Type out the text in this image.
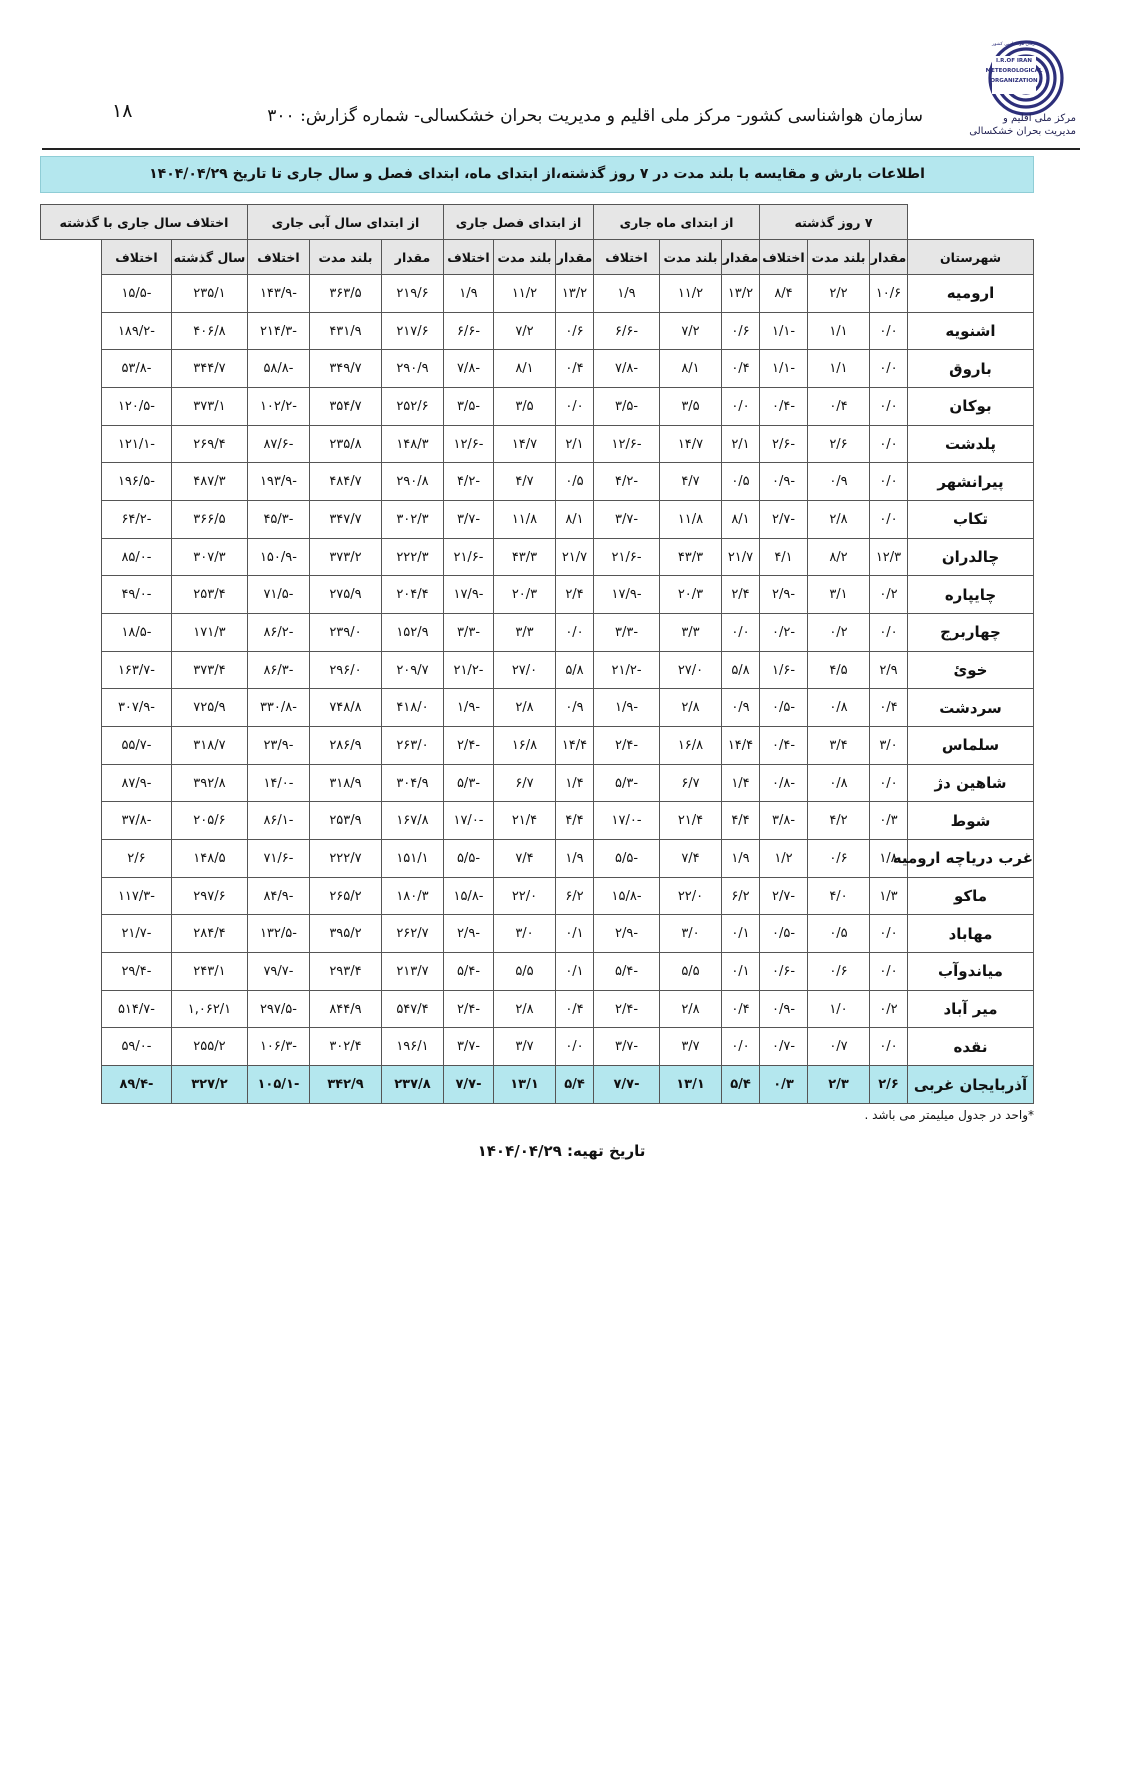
۱۸	سازمان هواشناسی کشور- مرکز ملی اقلیم و مدیریت بحران خشکسالی- شماره گزارش: ۳۰۰
سازمان هواشناسی کشور
I.R.OF IRAN
METEOROLOGICAL
ORGANIZATION
مرکز ملی اقلیم و
مدیریت بحران خشکسالی
اطلاعات بارش و مقایسه با بلند مدت در ۷ روز گذشته،از ابتدای ماه، ابتدای فصل و سال جاری تا تاریخ ۱۴۰۴/۰۴/۲۹
	۷ روز گذشته			از ابتدای ماه جاری			از ابتدای فصل جاری			از ابتدای سال آبی جاری			اختلاف سال جاری با گذشته	
شهرستان	مقدار	بلند مدت	اختلاف	مقدار	بلند مدت	اختلاف	مقدار	بلند مدت	اختلاف	مقدار	بلند مدت	اختلاف	سال گذشته	اختلاف
ارومیه	۱۰/۶	۲/۲	۸/۴	۱۳/۲	۱۱/۲	۱/۹	۱۳/۲	۱۱/۲	۱/۹	۲۱۹/۶	۳۶۳/۵	-۱۴۳/۹	۲۳۵/۱	-۱۵/۵
اشنویه	۰/۰	۱/۱	-۱/۱	۰/۶	۷/۲	-۶/۶	۰/۶	۷/۲	-۶/۶	۲۱۷/۶	۴۳۱/۹	-۲۱۴/۳	۴۰۶/۸	-۱۸۹/۲
باروق	۰/۰	۱/۱	-۱/۱	۰/۴	۸/۱	-۷/۸	۰/۴	۸/۱	-۷/۸	۲۹۰/۹	۳۴۹/۷	-۵۸/۸	۳۴۴/۷	-۵۳/۸
بوکان	۰/۰	۰/۴	-۰/۴	۰/۰	۳/۵	-۳/۵	۰/۰	۳/۵	-۳/۵	۲۵۲/۶	۳۵۴/۷	-۱۰۲/۲	۳۷۳/۱	-۱۲۰/۵
پلدشت	۰/۰	۲/۶	-۲/۶	۲/۱	۱۴/۷	-۱۲/۶	۲/۱	۱۴/۷	-۱۲/۶	۱۴۸/۳	۲۳۵/۸	-۸۷/۶	۲۶۹/۴	-۱۲۱/۱
پیرانشهر	۰/۰	۰/۹	-۰/۹	۰/۵	۴/۷	-۴/۲	۰/۵	۴/۷	-۴/۲	۲۹۰/۸	۴۸۴/۷	-۱۹۳/۹	۴۸۷/۳	-۱۹۶/۵
تکاب	۰/۰	۲/۸	-۲/۷	۸/۱	۱۱/۸	-۳/۷	۸/۱	۱۱/۸	-۳/۷	۳۰۲/۳	۳۴۷/۷	-۴۵/۳	۳۶۶/۵	-۶۴/۲
چالدران	۱۲/۳	۸/۲	۴/۱	۲۱/۷	۴۳/۳	-۲۱/۶	۲۱/۷	۴۳/۳	-۲۱/۶	۲۲۲/۳	۳۷۳/۲	-۱۵۰/۹	۳۰۷/۳	-۸۵/۰
چایپاره	۰/۲	۳/۱	-۲/۹	۲/۴	۲۰/۳	-۱۷/۹	۲/۴	۲۰/۳	-۱۷/۹	۲۰۴/۴	۲۷۵/۹	-۷۱/۵	۲۵۳/۴	-۴۹/۰
چهاربرج	۰/۰	۰/۲	-۰/۲	۰/۰	۳/۳	-۳/۳	۰/۰	۳/۳	-۳/۳	۱۵۲/۹	۲۳۹/۰	-۸۶/۲	۱۷۱/۳	-۱۸/۵
خوئ	۲/۹	۴/۵	-۱/۶	۵/۸	۲۷/۰	-۲۱/۲	۵/۸	۲۷/۰	-۲۱/۲	۲۰۹/۷	۲۹۶/۰	-۸۶/۳	۳۷۳/۴	-۱۶۳/۷
سردشت	۰/۴	۰/۸	-۰/۵	۰/۹	۲/۸	-۱/۹	۰/۹	۲/۸	-۱/۹	۴۱۸/۰	۷۴۸/۸	-۳۳۰/۸	۷۲۵/۹	-۳۰۷/۹
سلماس	۳/۰	۳/۴	-۰/۴	۱۴/۴	۱۶/۸	-۲/۴	۱۴/۴	۱۶/۸	-۲/۴	۲۶۳/۰	۲۸۶/۹	-۲۳/۹	۳۱۸/۷	-۵۵/۷
شاهین دژ	۰/۰	۰/۸	-۰/۸	۱/۴	۶/۷	-۵/۳	۱/۴	۶/۷	-۵/۳	۳۰۴/۹	۳۱۸/۹	-۱۴/۰	۳۹۲/۸	-۸۷/۹
شوط	۰/۳	۴/۲	-۳/۸	۴/۴	۲۱/۴	-۱۷/۰	۴/۴	۲۱/۴	-۱۷/۰	۱۶۷/۸	۲۵۳/۹	-۸۶/۱	۲۰۵/۶	-۳۷/۸
غرب دریاچه ارومیه	۱/۸	۰/۶	۱/۲	۱/۹	۷/۴	-۵/۵	۱/۹	۷/۴	-۵/۵	۱۵۱/۱	۲۲۲/۷	-۷۱/۶	۱۴۸/۵	۲/۶
ماکو	۱/۳	۴/۰	-۲/۷	۶/۲	۲۲/۰	-۱۵/۸	۶/۲	۲۲/۰	-۱۵/۸	۱۸۰/۳	۲۶۵/۲	-۸۴/۹	۲۹۷/۶	-۱۱۷/۳
مهاباد	۰/۰	۰/۵	-۰/۵	۰/۱	۳/۰	-۲/۹	۰/۱	۳/۰	-۲/۹	۲۶۲/۷	۳۹۵/۲	-۱۳۲/۵	۲۸۴/۴	-۲۱/۷
میاندوآب	۰/۰	۰/۶	-۰/۶	۰/۱	۵/۵	-۵/۴	۰/۱	۵/۵	-۵/۴	۲۱۳/۷	۲۹۳/۴	-۷۹/۷	۲۴۳/۱	-۲۹/۴
میر آباد	۰/۲	۱/۰	-۰/۹	۰/۴	۲/۸	-۲/۴	۰/۴	۲/۸	-۲/۴	۵۴۷/۴	۸۴۴/۹	-۲۹۷/۵	۱,۰۶۲/۱	-۵۱۴/۷
نقده	۰/۰	۰/۷	-۰/۷	۰/۰	۳/۷	-۳/۷	۰/۰	۳/۷	-۳/۷	۱۹۶/۱	۳۰۲/۴	-۱۰۶/۳	۲۵۵/۲	-۵۹/۰
آذربایجان غربی	۲/۶	۲/۳	۰/۳	۵/۴	۱۳/۱	-۷/۷	۵/۴	۱۳/۱	-۷/۷	۲۳۷/۸	۳۴۲/۹	-۱۰۵/۱	۳۲۷/۲	-۸۹/۴
*واحد در جدول میلیمتر می باشد .
تاریخ تهیه: ۱۴۰۴/۰۴/۲۹
